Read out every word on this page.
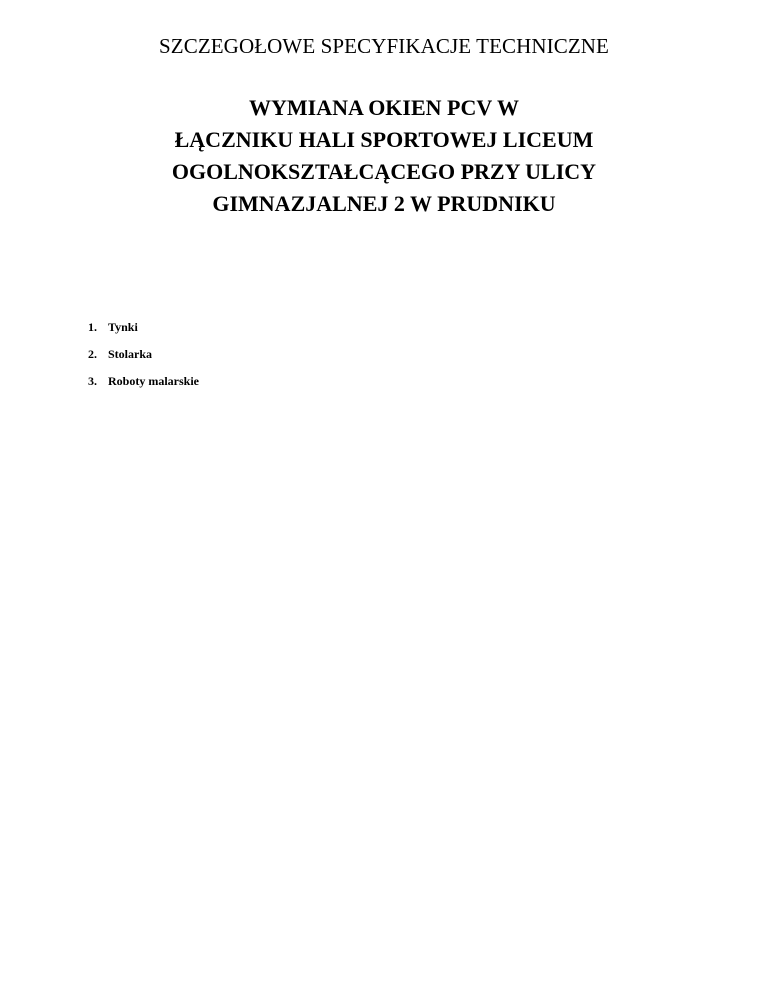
SZCZEGOŁOWE SPECYFIKACJE TECHNICZNE
WYMIANA OKIEN PCV W
ŁĄCZNIKU HALI SPORTOWEJ LICEUM
OGOLNOKSZTAŁCĄCEGO PRZY ULICY
GIMNAZJALNEJ 2 W PRUDNIKU
1. Tynki
2. Stolarka
3. Roboty malarskie
